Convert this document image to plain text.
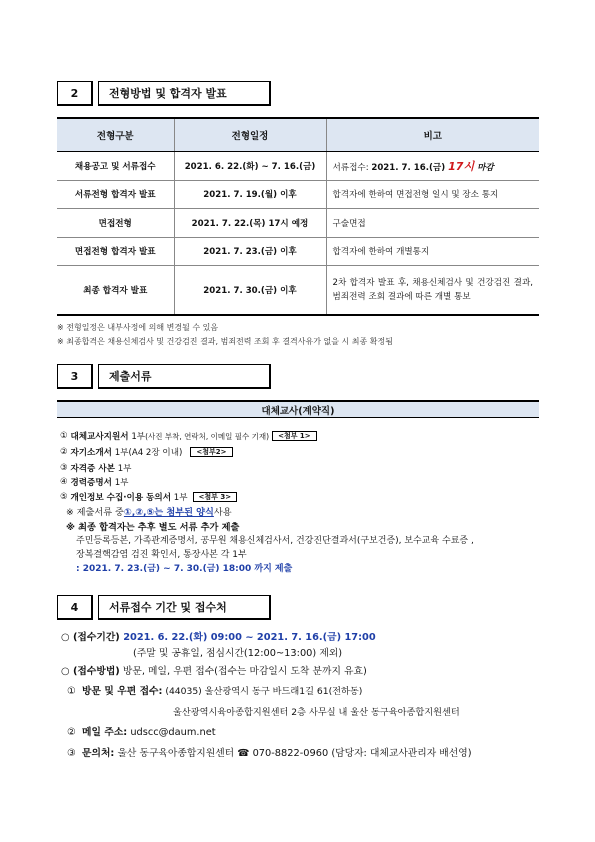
2	전형방법 및 합격자 발표
전형구분	전형일정	비고
채용공고 및 서류접수	2021. 6. 22.(화) ~ 7. 16.(금)	서류접수: 2021. 7. 16.(금) 17시 마감
서류전형 합격자 발표	2021. 7. 19.(월) 이후	합격자에 한하여 면접전형 일시 및 장소 통지
면접전형	2021. 7. 22.(목) 17시 예정	구술면접
면접전형 합격자 발표	2021. 7. 23.(금) 이후	합격자에 한하여 개별통지
최종 합격자 발표	2021. 7. 30.(금) 이후	2차 합격자 발표 후, 채용신체검사 및 건강검진 결과, 범죄전력 조회 결과에 따른 개별 통보
※ 전형일정은 내부사정에 의해 변경될 수 있음
※ 최종합격은 채용신체검사 및 건강검진 결과, 범죄전력 조회 후 결격사유가 없을 시 최종 확정됨
3	제출서류
대체교사(계약직)
①
대체교사지원서
1부 (사진 부착, 연락처, 이메일 필수 기재)	<첨부 1>
②
자기소개서
1부 (A4 2장 이내)	<첨부2>
③
자격증 사본
1부
④
경력증명서
1부
⑤
개인정보 수집·이용 동의서
1부	<첨부 3>
※ 제출서류 중 ①,②,⑤는 첨부된 양식 사용
※ 최종 합격자는 추후 별도 서류 추가 제출
주민등록등본, 가족관계증명서, 공무원 채용신체검사서, 건강진단결과서(구보건증), 보수교육 수료증 ,
장복결핵감염 검진 확인서, 통장사본 각 1부
: 2021. 7. 23.(금) ~ 7. 30.(금) 18:00 까지 제출
4	서류접수 기간 및 접수처
○ (접수기간) 2021. 6. 22.(화) 09:00 ~ 2021. 7. 16.(금) 17:00
(주말 및 공휴일, 점심시간(12:00~13:00) 제외)
○ (접수방법) 방문, 메일, 우편 접수(접수는 마감일시 도착 분까지 유효)
① 방문 및 우편 접수: (44035) 울산광역시 동구 바드래1길 61(전하동)
울산광역시육아종합지원센터 2층 사무실 내 울산 동구육아종합지원센터
② 메일 주소: udscc@daum.net
③ 문의처: 울산 동구육아종합지원센터 ☎ 070-8822-0960 (담당자: 대체교사관리자 배선영)
